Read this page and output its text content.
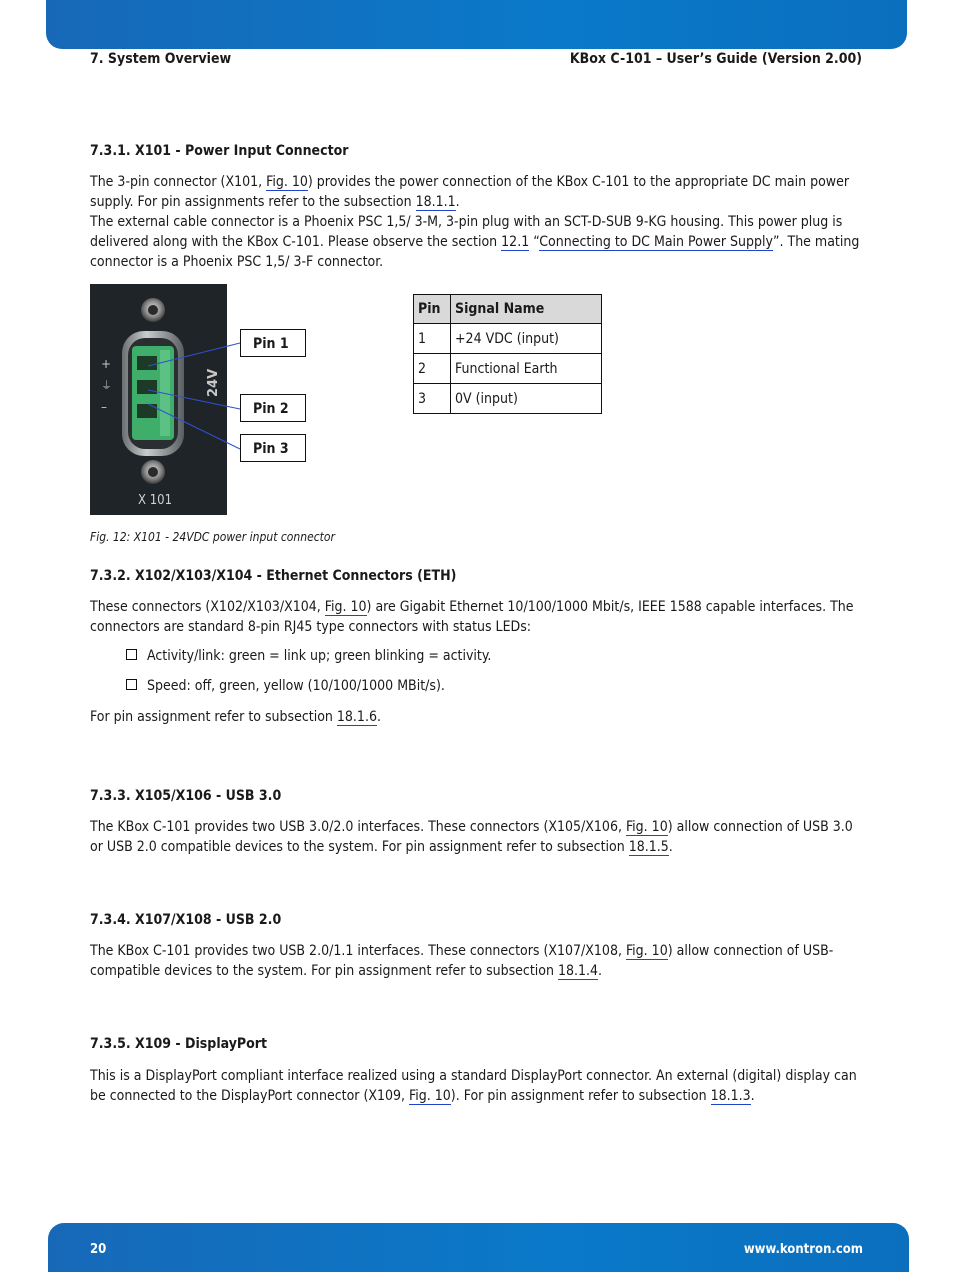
7. System Overview	KBox C-101 – User’s Guide (Version 2.00)
7.3.1. X101 - Power Input Connector

The 3-pin connector (X101, Fig. 10) provides the power connection of the KBox C-101 to the appropriate DC main power supply. For pin assignments refer to the subsection 18.1.1.

The external cable connector is a Phoenix PSC 1,5/ 3-M, 3-pin plug with an SCT-D-SUB 9-KG housing. This power plug is delivered along with the KBox C-101. Please observe the section 12.1 “Connecting to DC Main Power Supply”. The mating connector is a Phoenix PSC 1,5/ 3-F connector.

+
⏚
–
24V
X 101
Pin 1
Pin 2
Pin 3
Fig. 12: X101 - 24VDC power input connector
Pin	Signal Name
1	+24 VDC (input)
2	Functional Earth
3	0V (input)
7.3.2. X102/X103/X104 - Ethernet Connectors (ETH)

These connectors (X102/X103/X104, Fig. 10) are Gigabit Ethernet 10/100/1000 Mbit/s, IEEE 1588 capable interfaces. The connectors are standard 8-pin RJ45 type connectors with status LEDs:

Activity/link: green = link up; green blinking = activity.
Speed: off, green, yellow (10/100/1000 MBit/s).

For pin assignment refer to subsection 18.1.6.

7.3.3. X105/X106 - USB 3.0

The KBox C-101 provides two USB 3.0/2.0 interfaces. These connectors (X105/X106, Fig. 10) allow connection of USB 3.0 or USB 2.0 compatible devices to the system. For pin assignment refer to subsection 18.1.5.

7.3.4. X107/X108 - USB 2.0

The KBox C-101 provides two USB 2.0/1.1 interfaces. These connectors (X107/X108, Fig. 10) allow connection of USB-compatible devices to the system. For pin assignment refer to subsection 18.1.4.

7.3.5. X109 - DisplayPort

This is a DisplayPort compliant interface realized using a standard DisplayPort connector. An external (digital) display can be connected to the DisplayPort connector (X109, Fig. 10). For pin assignment refer to subsection 18.1.3.

20	www.kontron.com
